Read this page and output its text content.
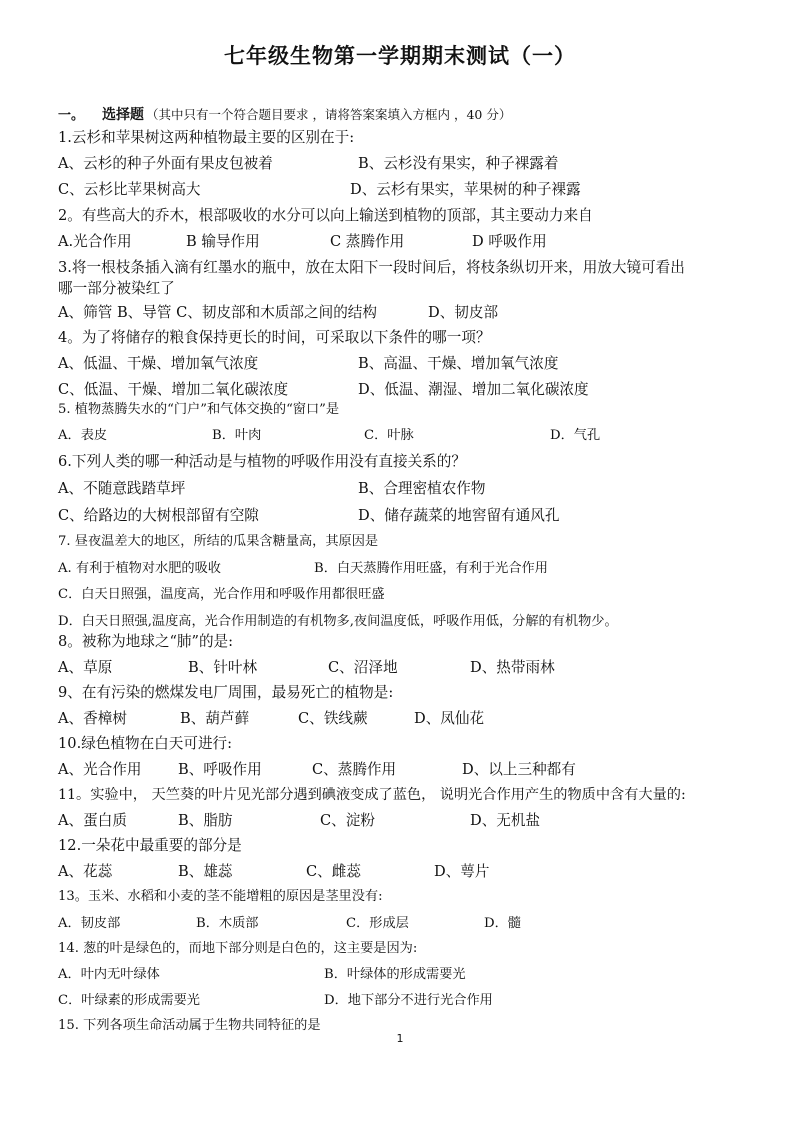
七年级生物第一学期期末测试（一）
一。 选择题 （其中只有一个符合题目要求 ，请将答案案填入方框内 ，40 分）
1.云杉和苹果树这两种植物最主要的区别在于:
A、云杉的种子外面有果皮包被着	B、云杉没有果实，种子裸露着
C、云杉比苹果树高大	D、云杉有果实，苹果树的种子裸露
2。有些高大的乔木，根部吸收的水分可以向上输送到植物的顶部，其主要动力来自
A.光合作用	B 输导作用	C 蒸腾作用	D 呼吸作用
3.将一根枝条插入滴有红墨水的瓶中，放在太阳下一段时间后，将枝条纵切开来，用放大镜可看出
哪一部分被染红了
A、筛管 B、导管 C、韧皮部和木质部之间的结构	D、韧皮部
4。为了将储存的粮食保持更长的时间，可采取以下条件的哪一项？
A、低温、干燥、增加氧气浓度	B、高温、干燥、增加氧气浓度
C、低温、干燥、增加二氧化碳浓度	D、低温、潮湿、增加二氧化碳浓度
5. 植物蒸腾失水的“门户”和气体交换的“窗口”是
A．表皮	B．叶肉	C．叶脉	D．气孔
6.下列人类的哪一种活动是与植物的呼吸作用没有直接关系的？
A、不随意践踏草坪	B、合理密植农作物
C、给路边的大树根部留有空隙	D、储存蔬菜的地窖留有通风孔
7. 昼夜温差大的地区，所结的瓜果含糖量高，其原因是
A. 有利于植物对水肥的吸收	B．白天蒸腾作用旺盛，有利于光合作用
C．白天日照强，温度高，光合作用和呼吸作用都很旺盛
D．白天日照强,温度高，光合作用制造的有机物多,夜间温度低，呼吸作用低，分解的有机物少。
8。被称为地球之“肺”的是:
A、草原	B、针叶林	C、沼泽地	D、热带雨林
9、在有污染的燃煤发电厂周围，最易死亡的植物是:
A、香樟树	B、葫芦藓	C、铁线蕨	D、凤仙花
10.绿色植物在白天可进行:
A、光合作用 B、呼吸作用	C、蒸腾作用	D、以上三种都有
11。实验中， 天竺葵的叶片见光部分遇到碘液变成了蓝色， 说明光合作用产生的物质中含有大量的:
A、蛋白质	B、脂肪	C、淀粉	D、无机盐
12.一朵花中最重要的部分是
A、花蕊	B、雄蕊	C、雌蕊	D、萼片
13。玉米、水稻和小麦的茎不能增粗的原因是茎里没有:
A．韧皮部	B．木质部	C．形成层	D．髓
14. 葱的叶是绿色的，而地下部分则是白色的，这主要是因为:
A．叶内无叶绿体	B．叶绿体的形成需要光
C．叶绿素的形成需要光	D．地下部分不进行光合作用
15. 下列各项生命活动属于生物共同特征的是
1
